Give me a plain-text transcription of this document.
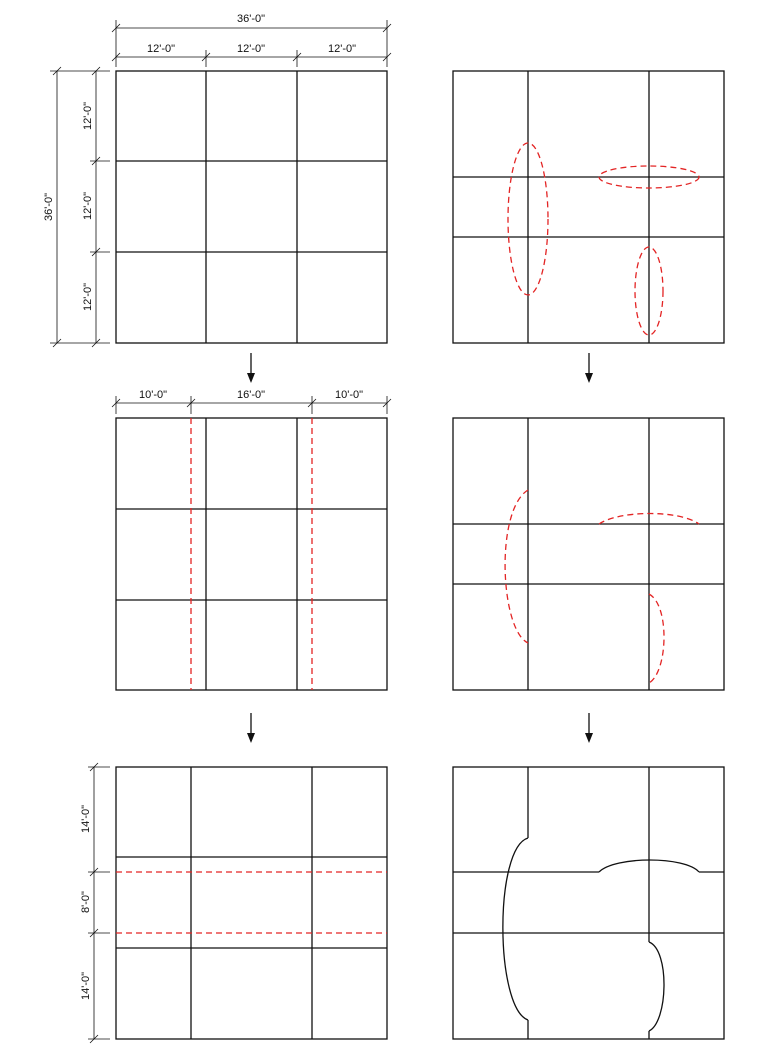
36'-0"
12'-0"	12'-0"	12'-0"
36'-0"
12'-0"
12'-0"
12'-0"
10'-0"	16'-0"	10'-0"
14'-0"
8'-0"
14'-0"
